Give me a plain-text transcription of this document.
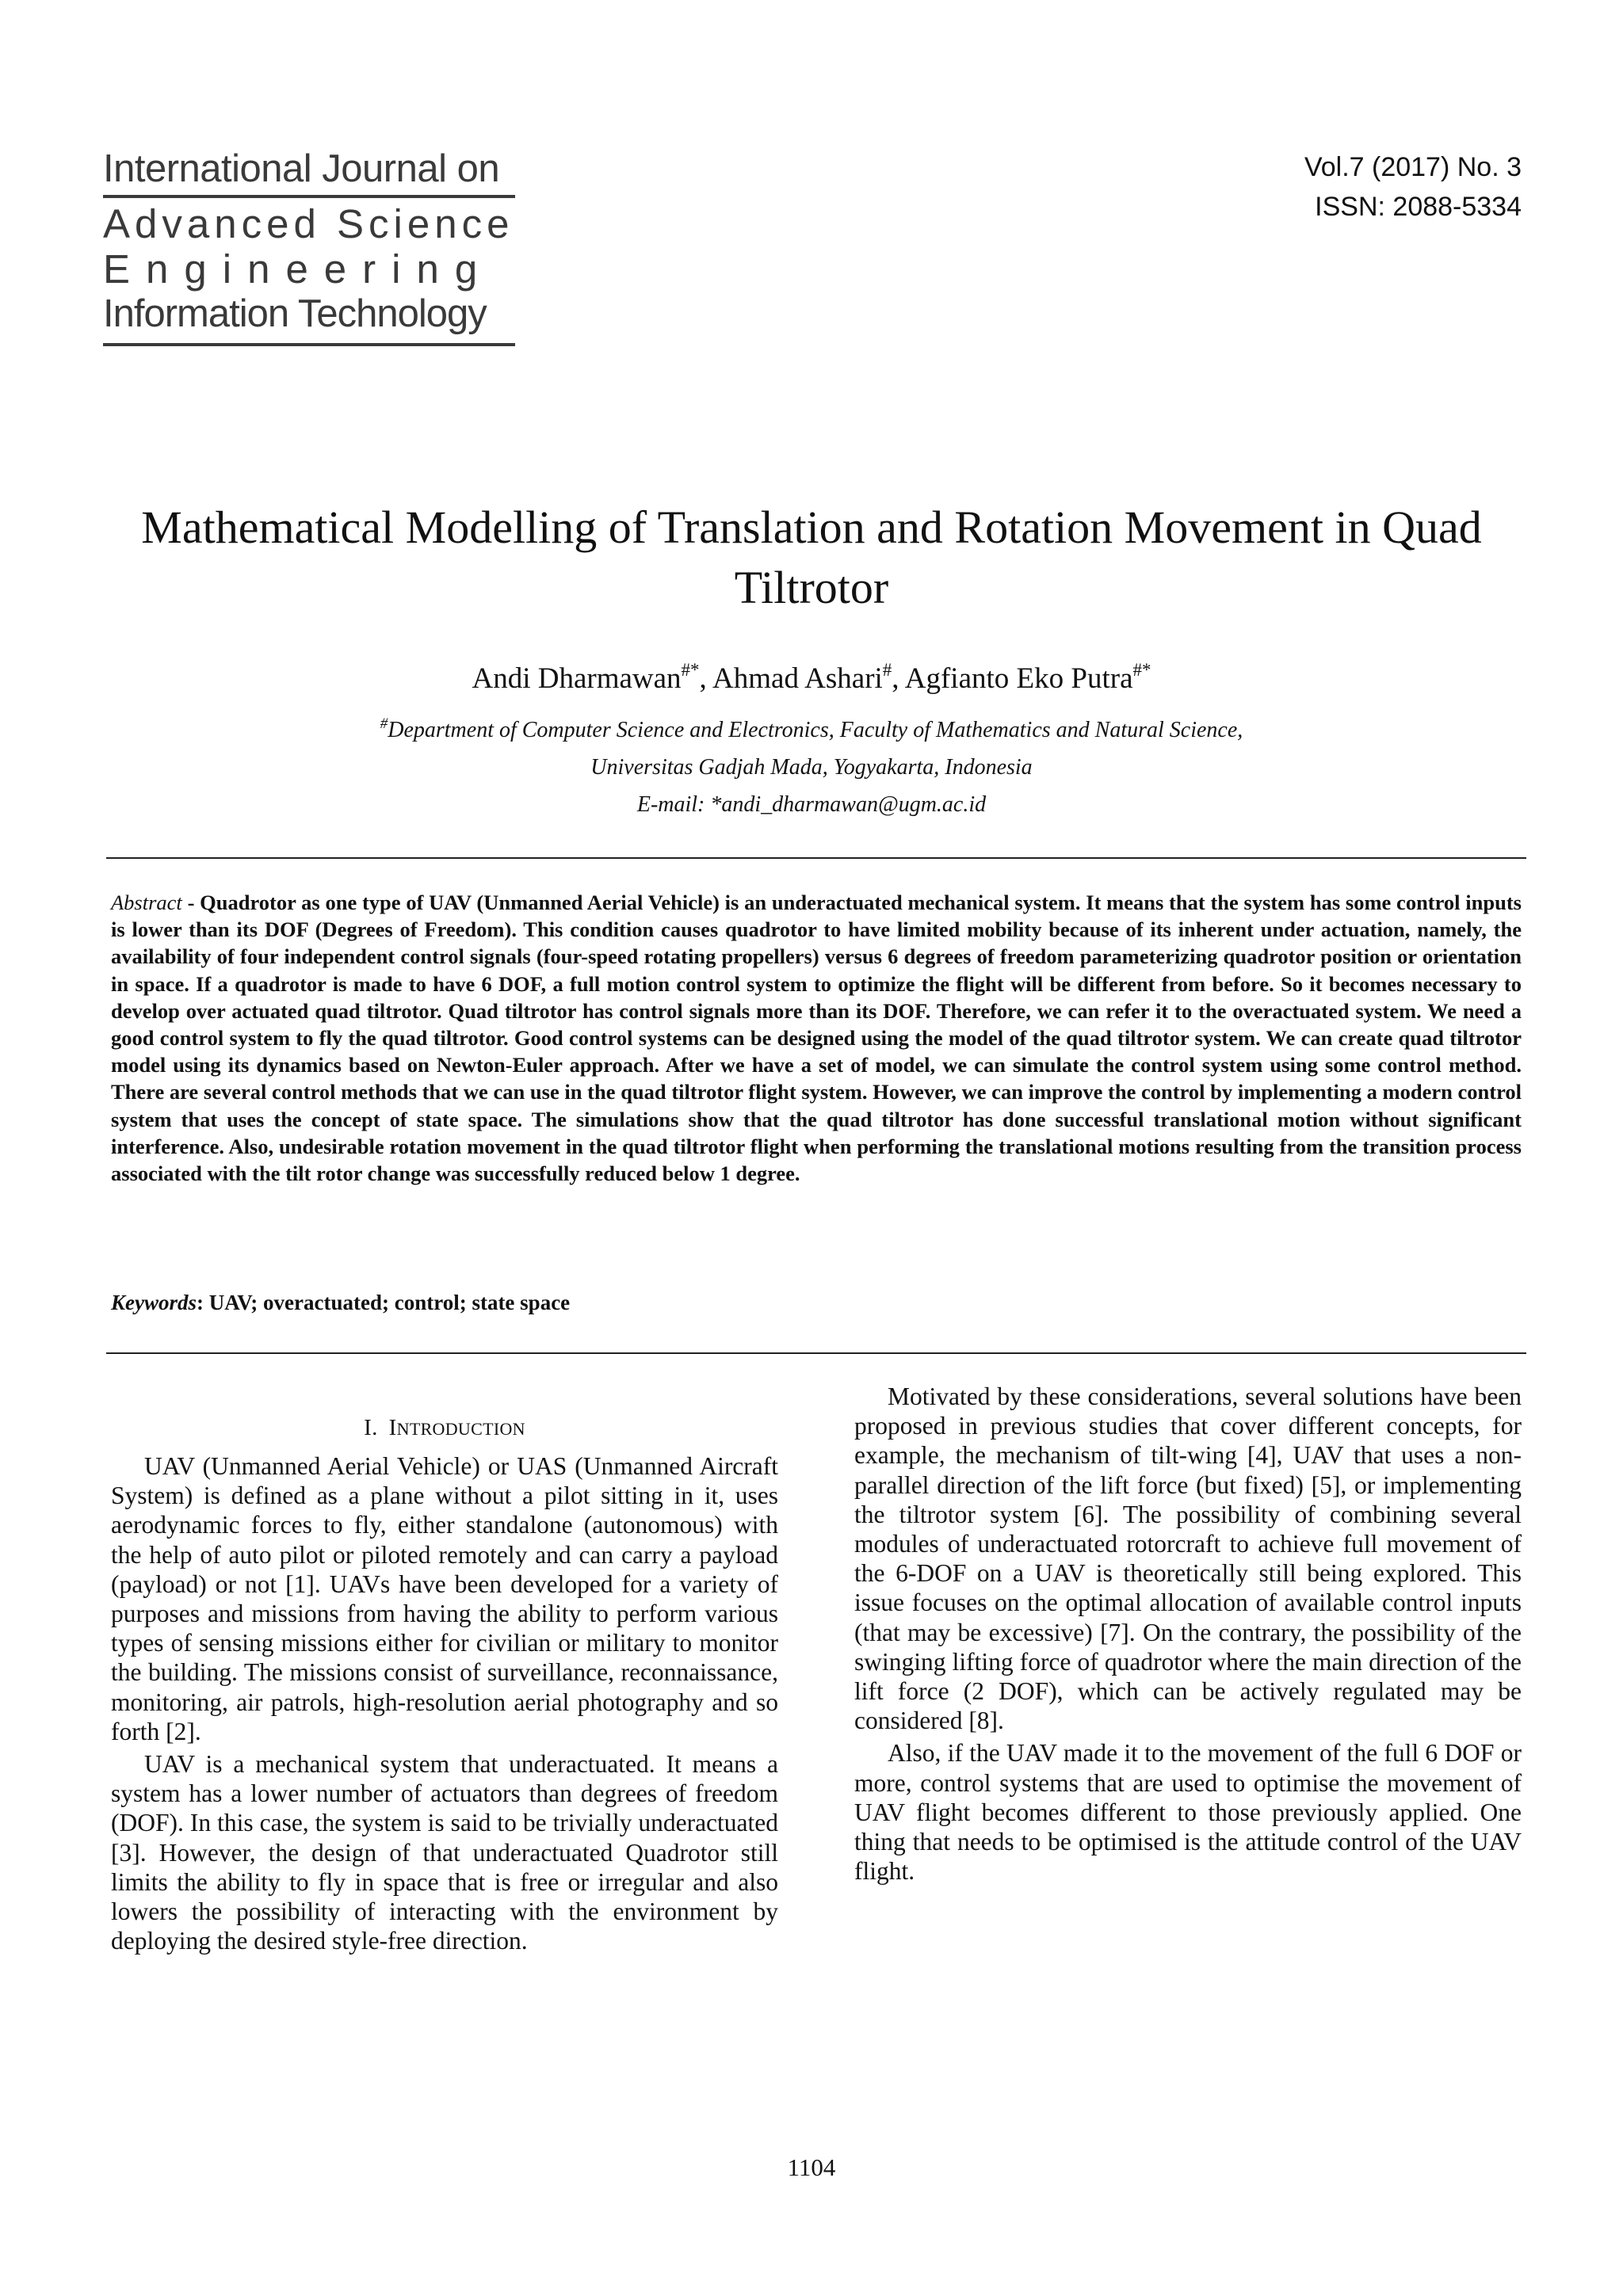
International Journal on
Advanced Science
Engineering
Information Technology
Vol.7 (2017) No. 3
ISSN: 2088-5334
Mathematical Modelling of Translation and Rotation Movement in Quad Tiltrotor
Andi Dharmawan#*, Ahmad Ashari#, Agfianto Eko Putra#*
#Department of Computer Science and Electronics, Faculty of Mathematics and Natural Science,
Universitas Gadjah Mada, Yogyakarta, Indonesia
E-mail: *andi_dharmawan@ugm.ac.id
Abstract - Quadrotor as one type of UAV (Unmanned Aerial Vehicle) is an underactuated mechanical system. It means that the system has some control inputs is lower than its DOF (Degrees of Freedom). This condition causes quadrotor to have limited mobility because of its inherent under actuation, namely, the availability of four independent control signals (four-speed rotating propellers) versus 6 degrees of freedom parameterizing quadrotor position or orientation in space. If a quadrotor is made to have 6 DOF, a full motion control system to optimize the flight will be different from before. So it becomes necessary to develop over actuated quad tiltrotor. Quad tiltrotor has control signals more than its DOF. Therefore, we can refer it to the overactuated system. We need a good control system to fly the quad tiltrotor. Good control systems can be designed using the model of the quad tiltrotor system. We can create quad tiltrotor model using its dynamics based on Newton-Euler approach. After we have a set of model, we can simulate the control system using some control method. There are several control methods that we can use in the quad tiltrotor flight system. However, we can improve the control by implementing a modern control system that uses the concept of state space. The simulations show that the quad tiltrotor has done successful translational motion without significant interference. Also, undesirable rotation movement in the quad tiltrotor flight when performing the translational motions resulting from the transition process associated with the tilt rotor change was successfully reduced below 1 degree.
Keywords: UAV; overactuated; control; state space
I. INTRODUCTION

UAV (Unmanned Aerial Vehicle) or UAS (Unmanned Aircraft System) is defined as a plane without a pilot sitting in it, uses aerodynamic forces to fly, either standalone (autonomous) with the help of auto pilot or piloted remotely and can carry a payload (payload) or not [1]. UAVs have been developed for a variety of purposes and missions from having the ability to perform various types of sensing missions either for civilian or military to monitor the building. The missions consist of surveillance, reconnaissance, monitoring, air patrols, high-resolution aerial photography and so forth [2].

UAV is a mechanical system that underactuated. It means a system has a lower number of actuators than degrees of freedom (DOF). In this case, the system is said to be trivially underactuated [3]. However, the design of that underactuated Quadrotor still limits the ability to fly in space that is free or irregular and also lowers the possibility of interacting with the environment by deploying the desired style-free direction.

Motivated by these considerations, several solutions have been proposed in previous studies that cover different concepts, for example, the mechanism of tilt-wing [4], UAV that uses a non-parallel direction of the lift force (but fixed) [5], or implementing the tiltrotor system [6]. The possibility of combining several modules of underactuated rotorcraft to achieve full movement of the 6-DOF on a UAV is theoretically still being explored. This issue focuses on the optimal allocation of available control inputs (that may be excessive) [7]. On the contrary, the possibility of the swinging lifting force of quadrotor where the main direction of the lift force (2 DOF), which can be actively regulated may be considered [8].

Also, if the UAV made it to the movement of the full 6 DOF or more, control systems that are used to optimise the movement of UAV flight becomes different to those previously applied. One thing that needs to be optimised is the attitude control of the UAV flight.

1104
